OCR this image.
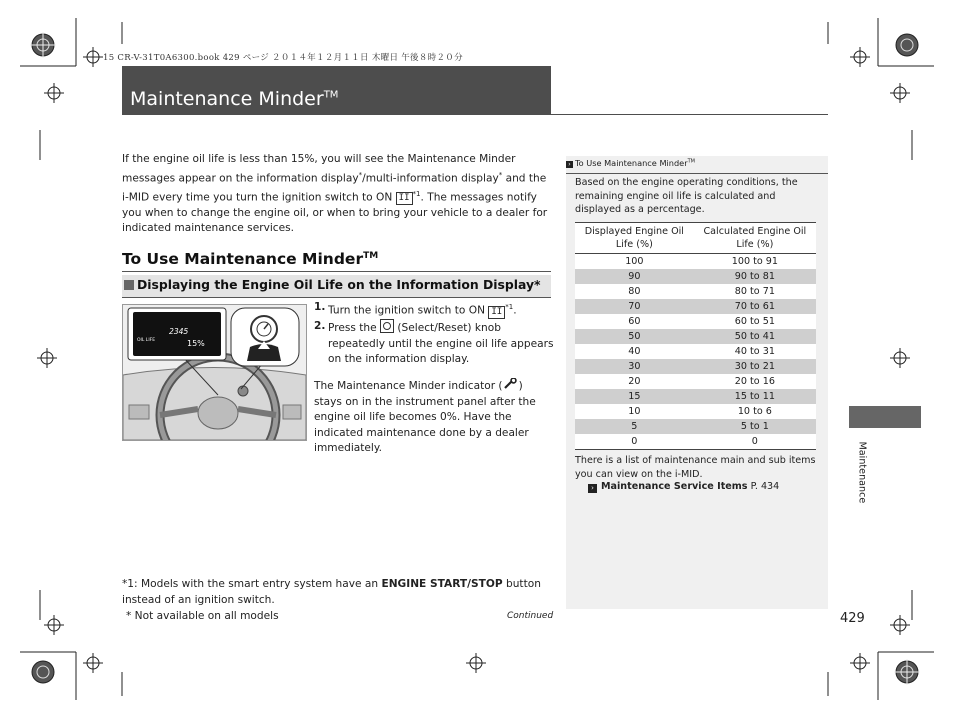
15 CR-V-31T0A6300.book 429 ページ ２０１４年１２月１１日 木曜日 午後８時２０分
Maintenance Minder™
If the engine oil life is less than 15%, you will see the Maintenance Minder messages appear on the information display*/multi-information display* and the i-MID every time you turn the ignition switch to ON II $^{*1}$. The messages notify you when to change the engine oil, or when to bring your vehicle to a dealer for indicated maintenance services.
To Use Maintenance Minder™
Displaying the Engine Oil Life on the Information Display*
2345
OIL LIFE	15%
1. Turn the ignition switch to ON II $^{*1}$.
2. Press the
(Select/Reset) knob repeatedly until the engine oil life appears on the information display.
The Maintenance Minder indicator ( ) stays on in the instrument panel after the engine oil life becomes 0%. Have the indicated maintenance done by a dealer immediately.
*1: Models with the smart entry system have an ENGINE START/STOP button instead of an ignition switch.
* Not available on all models	Continued
› To Use Maintenance Minder™
Based on the engine operating conditions, the remaining engine oil life is calculated and displayed as a percentage.
Displayed Engine Oil Life (%)	Calculated Engine Oil Life (%)
100	100 to 91
90	90 to 81
80	80 to 71
70	70 to 61
60	60 to 51
50	50 to 41
40	40 to 31
30	30 to 21
20	20 to 16
15	15 to 11
10	10 to 6
5	5 to 1
0	0
There is a list of maintenance main and sub items you can view on the i-MID.
› Maintenance Service Items P. 434	Maintenance
429
